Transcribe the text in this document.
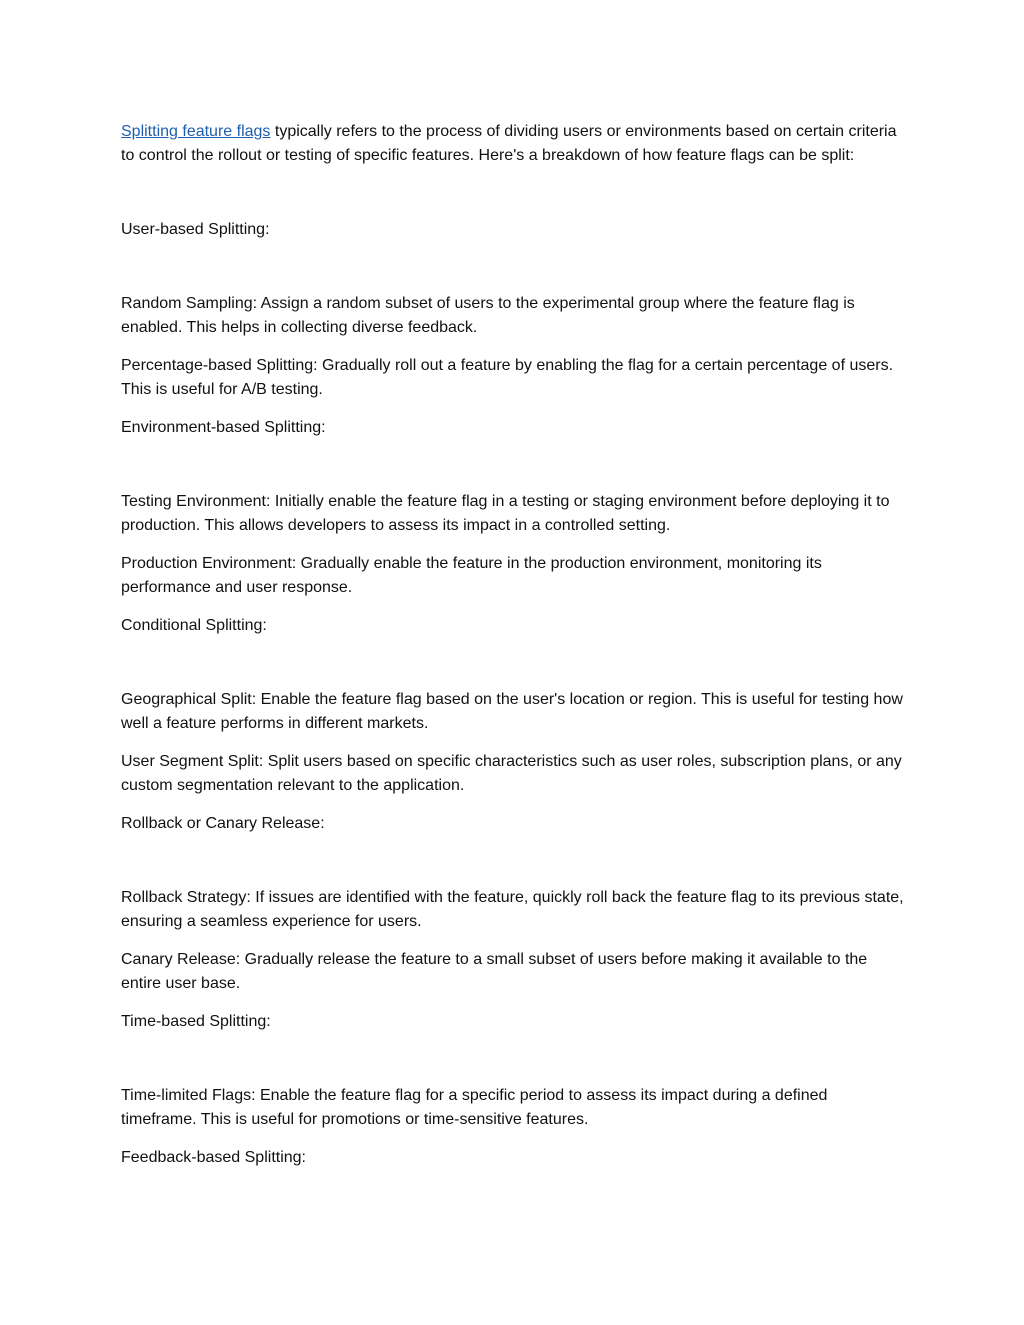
Splitting feature flags typically refers to the process of dividing users or environments based on certain criteria to control the rollout or testing of specific features. Here's a breakdown of how feature flags can be split:

User-based Splitting:

Random Sampling: Assign a random subset of users to the experimental group where the feature flag is enabled. This helps in collecting diverse feedback.

Percentage-based Splitting: Gradually roll out a feature by enabling the flag for a certain percentage of users. This is useful for A/B testing.

Environment-based Splitting:

Testing Environment: Initially enable the feature flag in a testing or staging environment before deploying it to production. This allows developers to assess its impact in a controlled setting.

Production Environment: Gradually enable the feature in the production environment, monitoring its performance and user response.

Conditional Splitting:

Geographical Split: Enable the feature flag based on the user's location or region. This is useful for testing how well a feature performs in different markets.

User Segment Split: Split users based on specific characteristics such as user roles, subscription plans, or any custom segmentation relevant to the application.

Rollback or Canary Release:

Rollback Strategy: If issues are identified with the feature, quickly roll back the feature flag to its previous state, ensuring a seamless experience for users.

Canary Release: Gradually release the feature to a small subset of users before making it available to the entire user base.

Time-based Splitting:

Time-limited Flags: Enable the feature flag for a specific period to assess its impact during a defined timeframe. This is useful for promotions or time-sensitive features.

Feedback-based Splitting:
